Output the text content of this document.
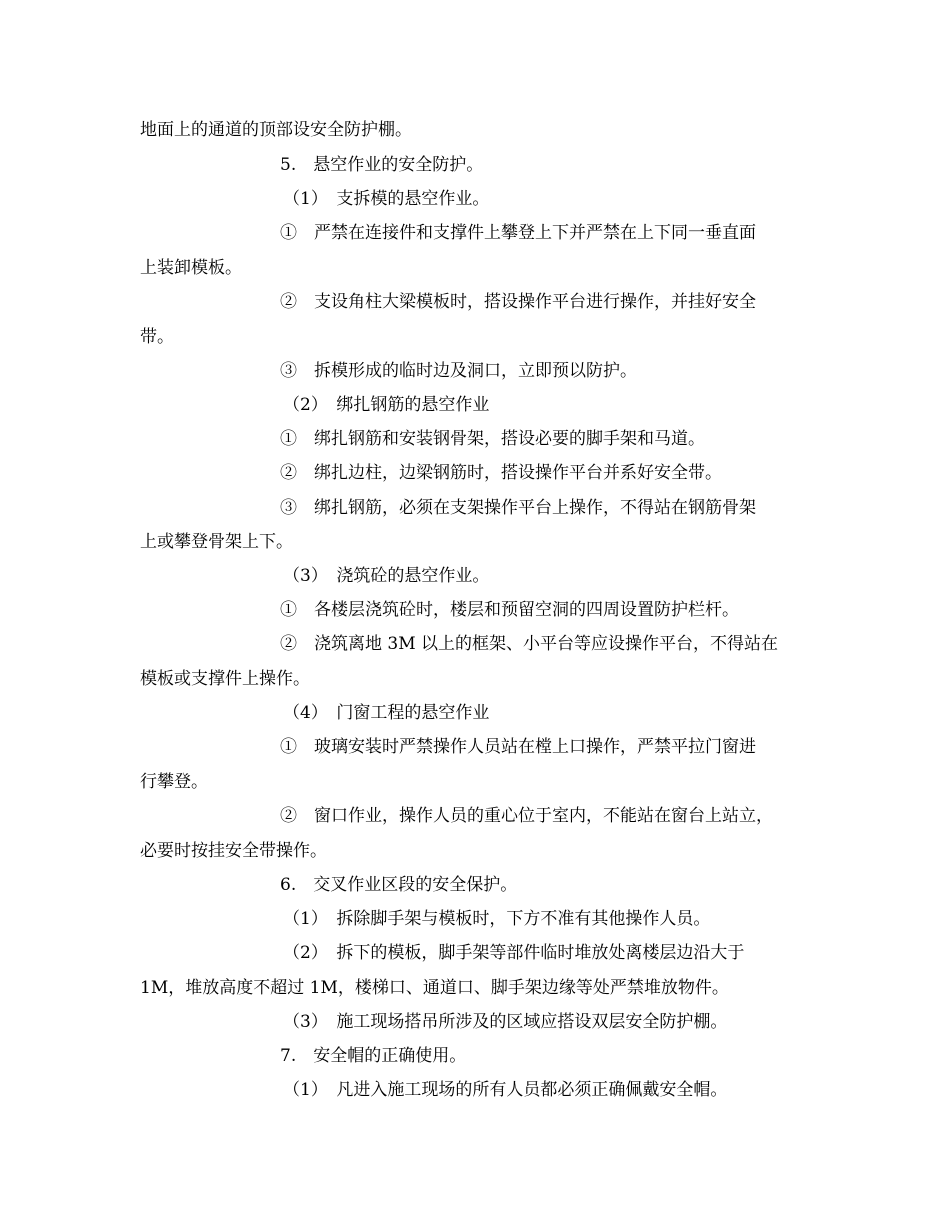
地面上的通道的顶部设安全防护棚。
5.　悬空作业的安全防护。
（1）　支拆模的悬空作业。
①　严禁在连接件和支撑件上攀登上下并严禁在上下同一垂直面
上装卸模板。
②　支设角柱大梁模板时，搭设操作平台进行操作，并挂好安全
带。
③　拆模形成的临时边及洞口，立即预以防护。
（2）　绑扎钢筋的悬空作业
①　绑扎钢筋和安装钢骨架，搭设必要的脚手架和马道。
②　绑扎边柱，边梁钢筋时，搭设操作平台并系好安全带。
③　绑扎钢筋，必须在支架操作平台上操作，不得站在钢筋骨架
上或攀登骨架上下。
（3）　浇筑砼的悬空作业。
①　各楼层浇筑砼时，楼层和预留空洞的四周设置防护栏杆。
②　浇筑离地 3M 以上的框架、小平台等应设操作平台，不得站在
模板或支撑件上操作。
（4）　门窗工程的悬空作业
①　玻璃安装时严禁操作人员站在樘上口操作，严禁平拉门窗进
行攀登。
②　窗口作业，操作人员的重心位于室内，不能站在窗台上站立，
必要时按挂安全带操作。
6.　交叉作业区段的安全保护。
（1）　拆除脚手架与模板时，下方不准有其他操作人员。
（2）　拆下的模板，脚手架等部件临时堆放处离楼层边沿大于
1M，堆放高度不超过 1M，楼梯口、通道口、脚手架边缘等处严禁堆放物件。
（3）　施工现场搭吊所涉及的区域应搭设双层安全防护棚。
7.　安全帽的正确使用。
（1）　凡进入施工现场的所有人员都必须正确佩戴安全帽。
